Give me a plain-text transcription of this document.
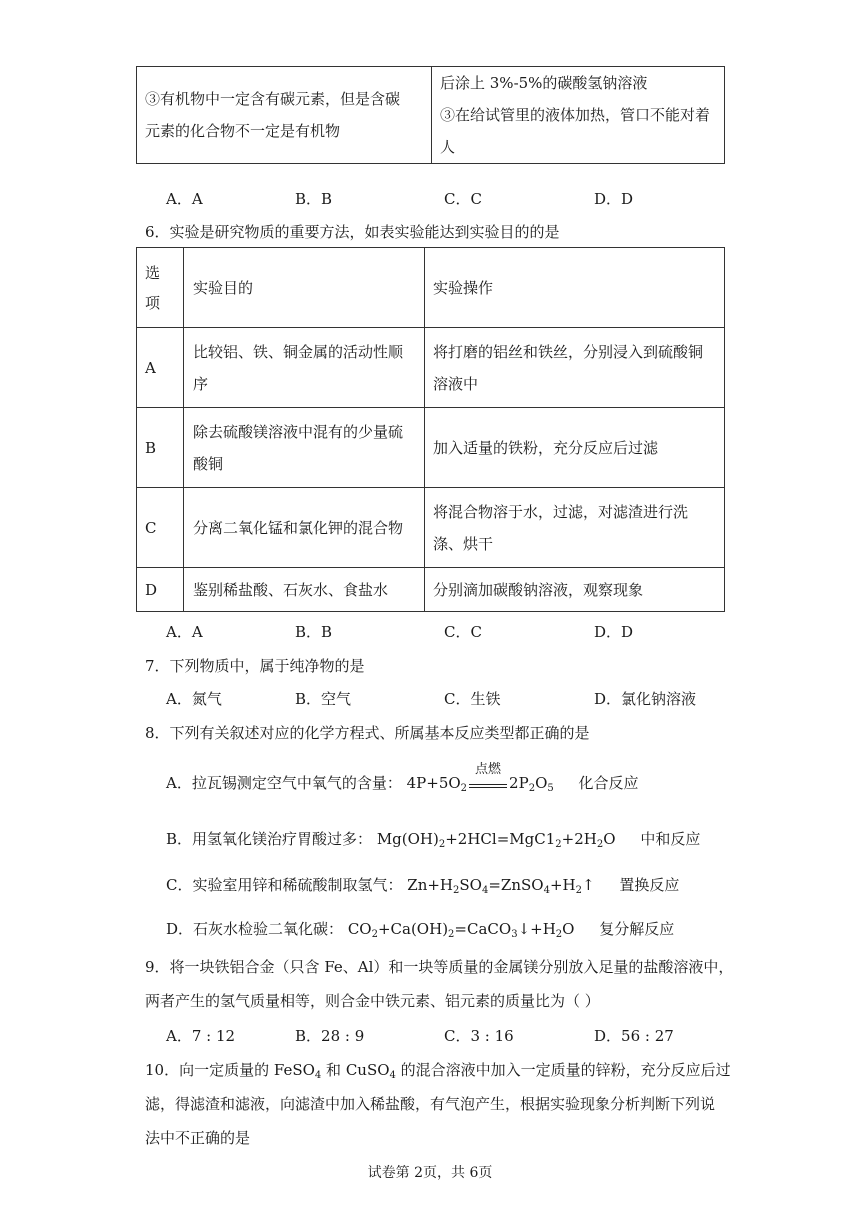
③有机物中一定含有碳元素，但是含碳
元素的化合物不一定是有机物

后涂上 3%-5%的碳酸氢钠溶液
③在给试管里的液体加热，管口不能对着人
A．A	B．B	C．C	D．D
6．实验是研究物质的重要方法，如表实验能达到实验目的的是
选项	实验目的	实验操作
A	比较铝、铁、铜金属的活动性顺序	将打磨的铝丝和铁丝，分别浸入到硫酸铜溶液中

B	除去硫酸镁溶液中混有的少量硫酸铜	加入适量的铁粉，充分反应后过滤

C	分离二氧化锰和氯化钾的混合物	将混合物溶于水，过滤，对滤渣进行洗涤、烘干

D	鉴别稀盐酸、石灰水、食盐水	分别滴加碳酸钠溶液，观察现象
A．A	B．B	C．C	D．D
7．下列物质中，属于纯净物的是
A．氮气	B．空气	C．生铁	D．氯化钠溶液
8．下列有关叙述对应的化学方程式、所属基本反应类型都正确的是
A．拉瓦锡测定空气中氧气的含量： $4P+5O_2$
点燃
$2P_2O_5$ 化合反应
B．用氢氧化镁治疗胃酸过多： $Mg(OH)_2+2HCl=MgC1_2+2H_2O$ 中和反应
C．实验室用锌和稀硫酸制取氢气： $Zn+H_2SO_4=ZnSO_4+H_2↑$ 置换反应
D．石灰水检验二氧化碳： $CO_2+Ca(OH)_2=CaCO_3↓+H_2O$ 复分解反应
9．将一块铁铝合金（只含 Fe、Al）和一块等质量的金属镁分别放入足量的盐酸溶液中，
两者产生的氢气质量相等，则合金中铁元素、铝元素的质量比为（ ）
A．7 : 12	B．28 : 9	C．3 : 16	D．56 : 27
10．向一定质量的 FeSO$_4$ 和 CuSO$_4$ 的混合溶液中加入一定质量的锌粉，充分反应后过
滤，得滤渣和滤液，向滤渣中加入稀盐酸，有气泡产生，根据实验现象分析判断下列说
法中不正确的是
试卷第 2页，共 6页
